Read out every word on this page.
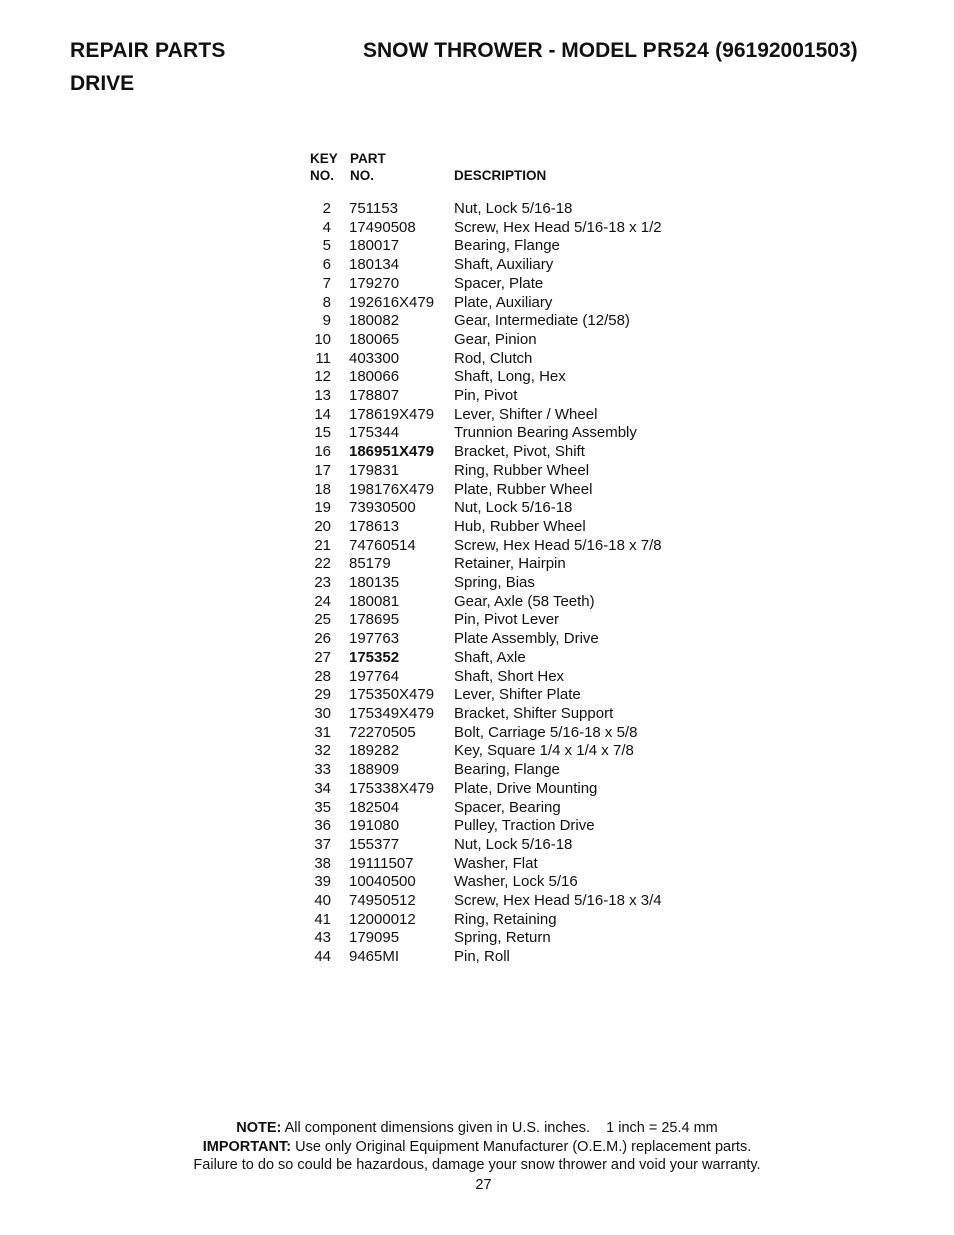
REPAIR PARTS	SNOW THROWER - MODEL PR524 (96192001503)
DRIVE
KEY
NO.
PART
NO.	DESCRIPTION
2	751153	Nut, Lock 5/16-18
4	17490508	Screw, Hex Head 5/16-18 x 1/2
5	180017	Bearing, Flange
6	180134	Shaft, Auxiliary
7	179270	Spacer, Plate
8	192616X479	Plate, Auxiliary
9	180082	Gear, Intermediate (12/58)
10	180065	Gear, Pinion
11	403300	Rod, Clutch
12	180066	Shaft, Long, Hex
13	178807	Pin, Pivot
14	178619X479	Lever, Shifter / Wheel
15	175344	Trunnion Bearing Assembly
16	186951X479	Bracket, Pivot, Shift
17	179831	Ring, Rubber Wheel
18	198176X479	Plate, Rubber Wheel
19	73930500	Nut, Lock 5/16-18
20	178613	Hub, Rubber Wheel
21	74760514	Screw, Hex Head 5/16-18 x 7/8
22	85179	Retainer, Hairpin
23	180135	Spring, Bias
24	180081	Gear, Axle (58 Teeth)
25	178695	Pin, Pivot Lever
26	197763	Plate Assembly, Drive
27	175352	Shaft, Axle
28	197764	Shaft, Short Hex
29	175350X479	Lever, Shifter Plate
30	175349X479	Bracket, Shifter Support
31	72270505	Bolt, Carriage 5/16-18 x 5/8
32	189282	Key, Square 1/4 x 1/4 x 7/8
33	188909	Bearing, Flange
34	175338X479	Plate, Drive Mounting
35	182504	Spacer, Bearing
36	191080	Pulley, Traction Drive
37	155377	Nut, Lock 5/16-18
38	19111507	Washer, Flat
39	10040500	Washer, Lock 5/16
40	74950512	Screw, Hex Head 5/16-18 x 3/4
41	12000012	Ring, Retaining
43	179095	Spring, Return
44	9465MI	Pin, Roll
NOTE: All component dimensions given in U.S. inches.    1 inch = 25.4 mm
IMPORTANT: Use only Original Equipment Manufacturer (O.E.M.) replacement parts.
Failure to do so could be hazardous, damage your snow thrower and void your warranty.
27
